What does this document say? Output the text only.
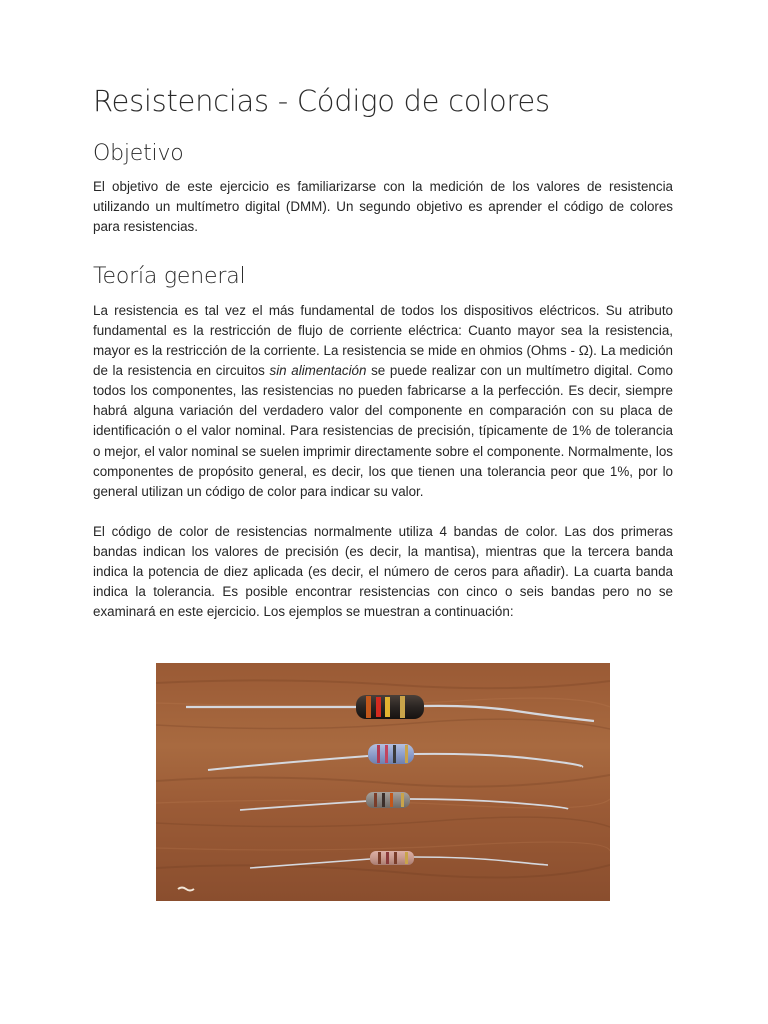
Resistencias - Código de colores
Objetivo

El objetivo de este ejercicio es familiarizarse con la medición de los valores de resistencia utilizando un multímetro digital (DMM). Un segundo objetivo es aprender el código de colores para resistencias.

Teoría general

La resistencia es tal vez el más fundamental de todos los dispositivos eléctricos. Su atributo fundamental es la restricción de flujo de corriente eléctrica: Cuanto mayor sea la resistencia, mayor es la restricción de la corriente. La resistencia se mide en ohmios (Ohms - Ω). La medición de la resistencia en circuitos sin alimentación se puede realizar con un multímetro digital. Como todos los componentes, las resistencias no pueden fabricarse a la perfección. Es decir, siempre habrá alguna variación del verdadero valor del componente en comparación con su placa de identificación o el valor nominal. Para resistencias de precisión, típicamente de 1% de tolerancia o mejor, el valor nominal se suelen imprimir directamente sobre el componente. Normalmente, los componentes de propósito general, es decir, los que tienen una tolerancia peor que 1%, por lo general utilizan un código de color para indicar su valor.

El código de color de resistencias normalmente utiliza 4 bandas de color. Las dos primeras bandas indican los valores de precisión (es decir, la mantisa), mientras que la tercera banda indica la potencia de diez aplicada (es decir, el número de ceros para añadir). La cuarta banda indica la tolerancia. Es posible encontrar resistencias con cinco o seis bandas pero no se examinará en este ejercicio. Los ejemplos se muestran a continuación:
